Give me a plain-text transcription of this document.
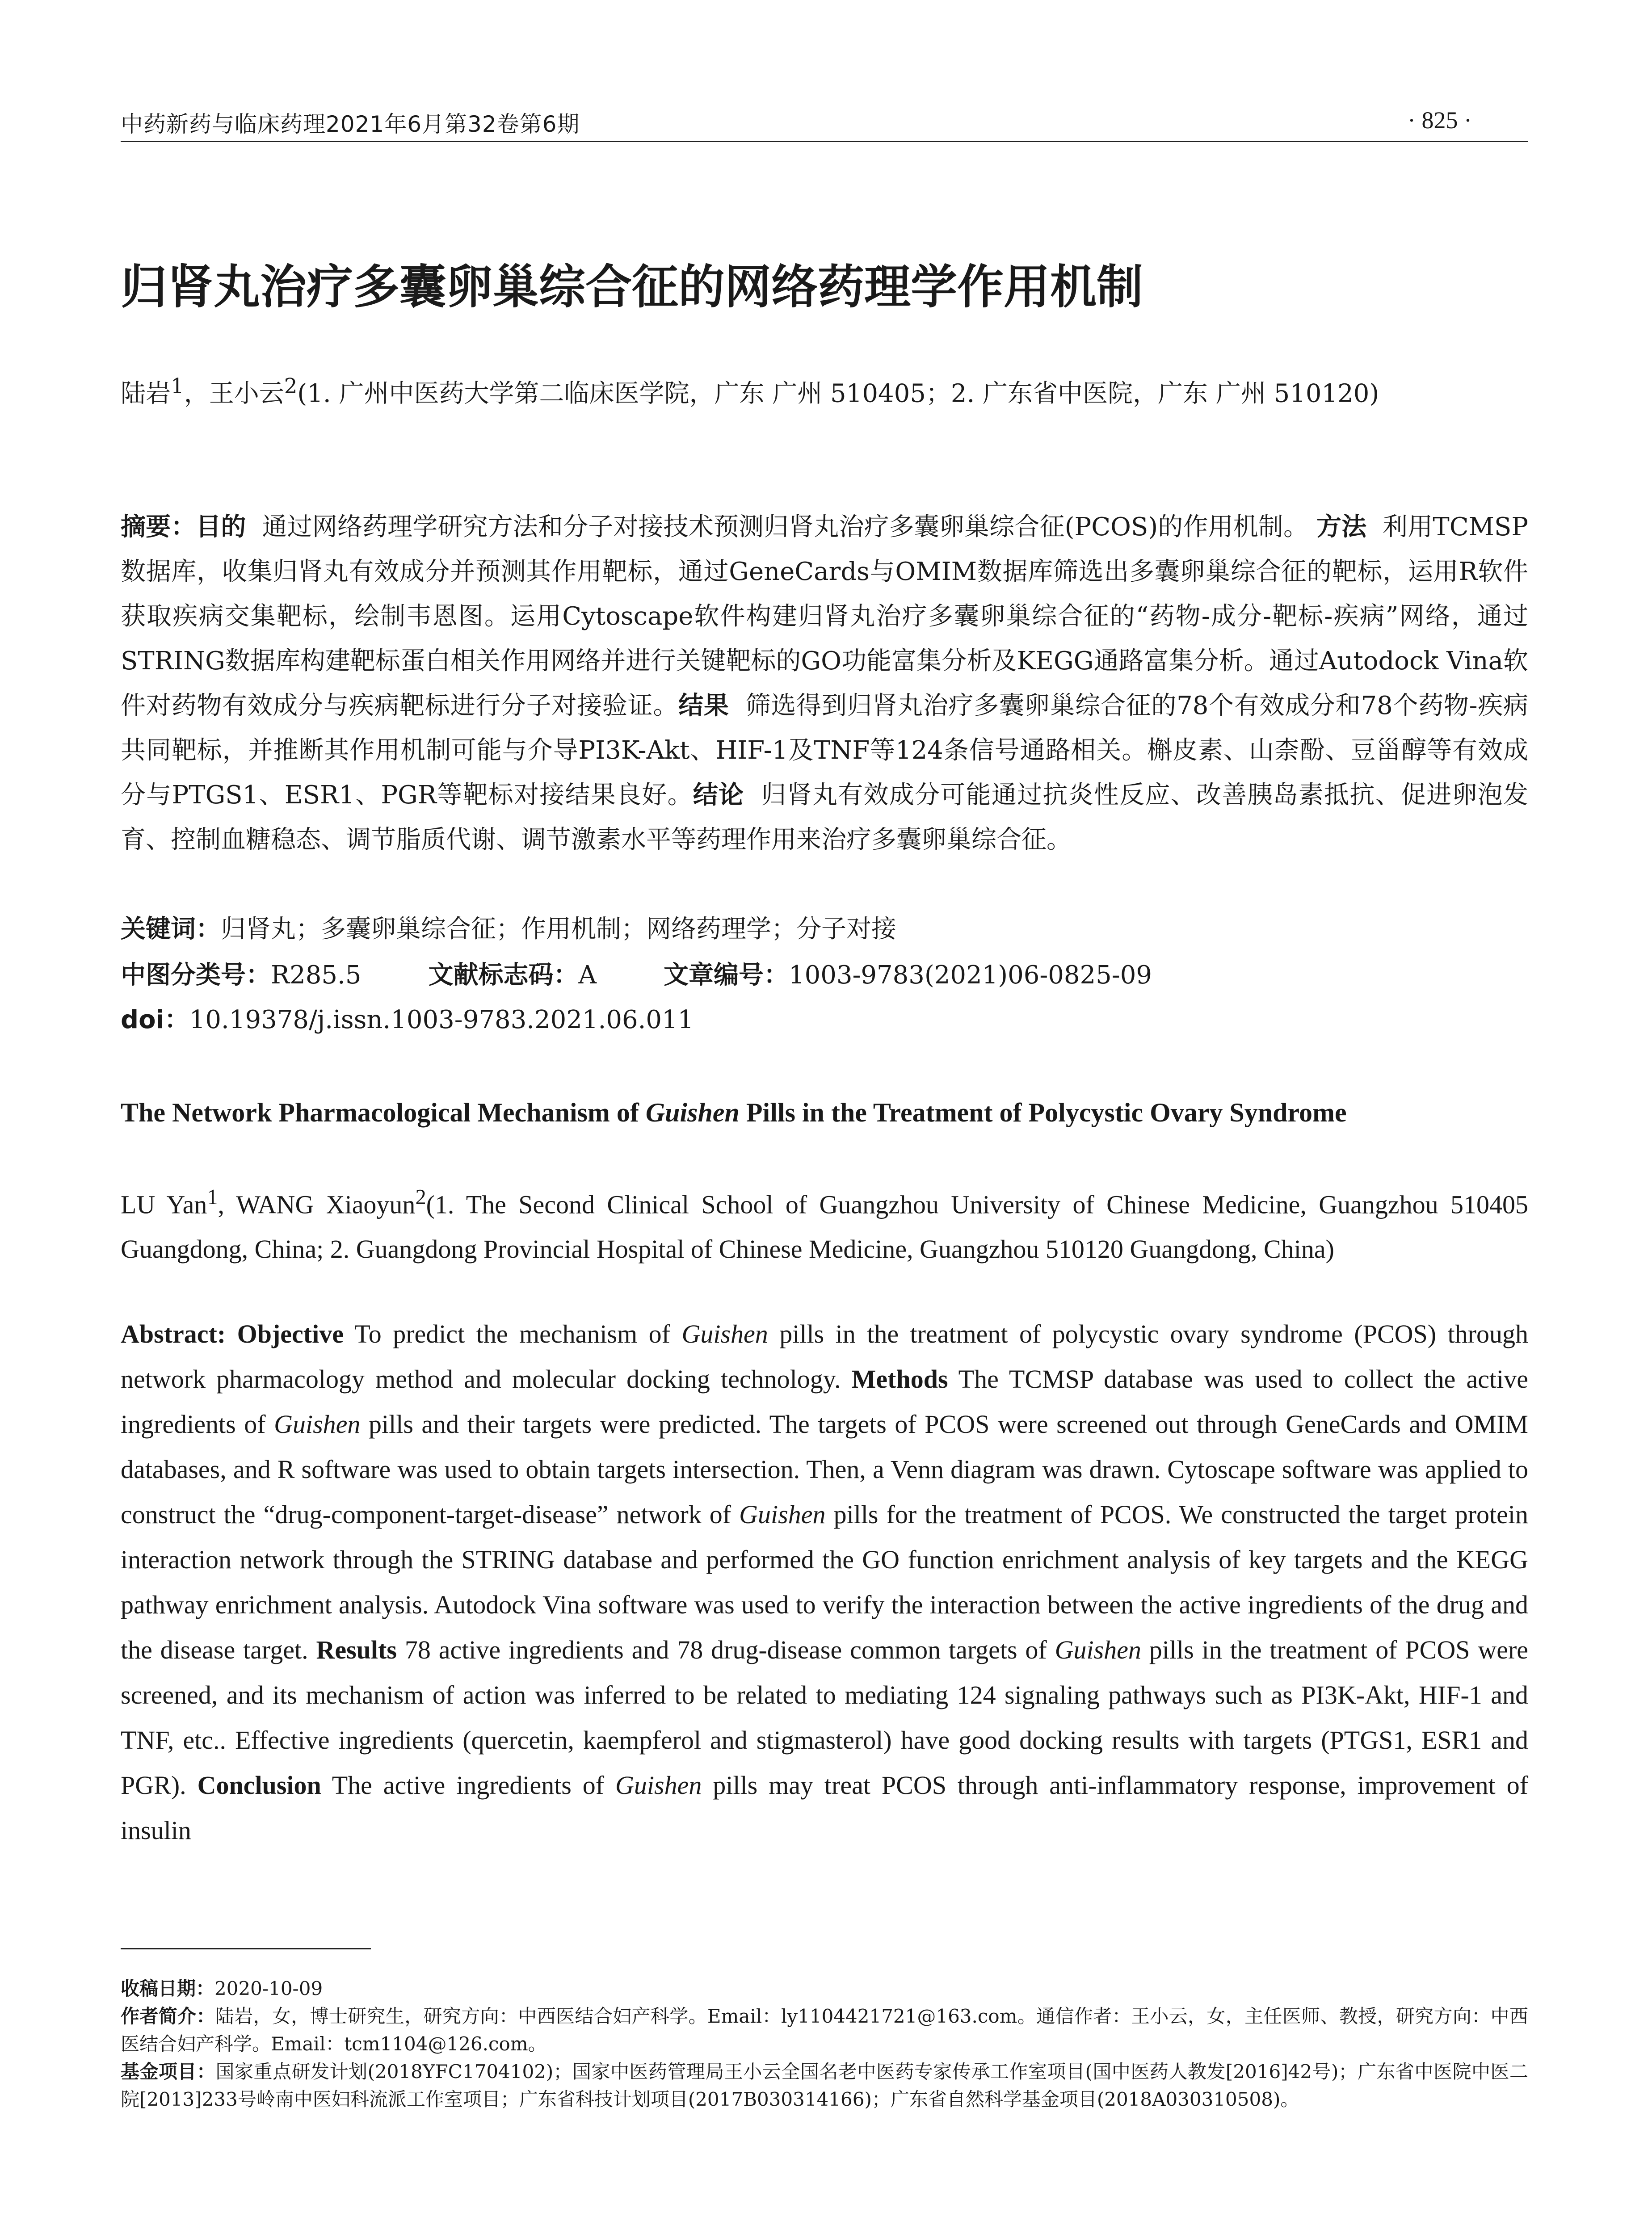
中药新药与临床药理2021年6月第32卷第6期	· 825 ·
归肾丸治疗多囊卵巢综合征的网络药理学作用机制
陆岩$^1$，王小云$^2$(1. 广州中医药大学第二临床医学院，广东 广州 510405；2. 广东省中医院，广东 广州 510120)
摘要：目的 通过网络药理学研究方法和分子对接技术预测归肾丸治疗多囊卵巢综合征(PCOS)的作用机制。 方法 利用TCMSP数据库，收集归肾丸有效成分并预测其作用靶标，通过GeneCards与OMIM数据库筛选出多囊卵巢综合征的靶标，运用R软件获取疾病交集靶标，绘制韦恩图。运用Cytoscape软件构建归肾丸治疗多囊卵巢综合征的“药物-成分-靶标-疾病”网络，通过STRING数据库构建靶标蛋白相关作用网络并进行关键靶标的GO功能富集分析及KEGG通路富集分析。通过Autodock Vina软件对药物有效成分与疾病靶标进行分子对接验证。结果 筛选得到归肾丸治疗多囊卵巢综合征的78个有效成分和78个药物-疾病共同靶标，并推断其作用机制可能与介导PI3K-Akt、HIF-1及TNF等124条信号通路相关。槲皮素、山柰酚、豆甾醇等有效成分与PTGS1、ESR1、PGR等靶标对接结果良好。结论 归肾丸有效成分可能通过抗炎性反应、改善胰岛素抵抗、促进卵泡发育、控制血糖稳态、调节脂质代谢、调节激素水平等药理作用来治疗多囊卵巢综合征。
关键词：归肾丸；多囊卵巢综合征；作用机制；网络药理学；分子对接
中图分类号：R285.5	文献标志码：A	文章编号：1003-9783(2021)06-0825-09
doi：10.19378/j.issn.1003-9783.2021.06.011
The Network Pharmacological Mechanism of Guishen Pills in the Treatment of Polycystic Ovary Syndrome
LU Yan$^1$, WANG Xiaoyun$^2$(1. The Second Clinical School of Guangzhou University of Chinese Medicine, Guangzhou 510405 Guangdong, China; 2. Guangdong Provincial Hospital of Chinese Medicine, Guangzhou 510120 Guangdong, China)
Abstract: Objective To predict the mechanism of Guishen pills in the treatment of polycystic ovary syndrome (PCOS) through network pharmacology method and molecular docking technology. Methods The TCMSP database was used to collect the active ingredients of Guishen pills and their targets were predicted. The targets of PCOS were screened out through GeneCards and OMIM databases, and R software was used to obtain targets intersection. Then, a Venn diagram was drawn. Cytoscape software was applied to construct the “drug-component-target-disease” network of Guishen pills for the treatment of PCOS. We constructed the target protein interaction network through the STRING database and performed the GO function enrichment analysis of key targets and the KEGG pathway enrichment analysis. Autodock Vina software was used to verify the interaction between the active ingredients of the drug and the disease target. Results 78 active ingredients and 78 drug-disease common targets of Guishen pills in the treatment of PCOS were screened, and its mechanism of action was inferred to be related to mediating 124 signaling pathways such as PI3K-Akt, HIF-1 and TNF, etc.. Effective ingredients (quercetin, kaempferol and stigmasterol) have good docking results with targets (PTGS1, ESR1 and PGR). Conclusion The active ingredients of Guishen pills may treat PCOS through anti-inflammatory response, improvement of insulin
收稿日期：2020-10-09
作者简介：陆岩，女，博士研究生，研究方向：中西医结合妇产科学。Email：ly1104421721@163.com。通信作者：王小云，女，主任医师、教授，研究方向：中西医结合妇产科学。Email：tcm1104@126.com。
基金项目：国家重点研发计划(2018YFC1704102)；国家中医药管理局王小云全国名老中医药专家传承工作室项目(国中医药人教发[2016]42号)；广东省中医院中医二院[2013]233号岭南中医妇科流派工作室项目；广东省科技计划项目(2017B030314166)；广东省自然科学基金项目(2018A030310508)。
